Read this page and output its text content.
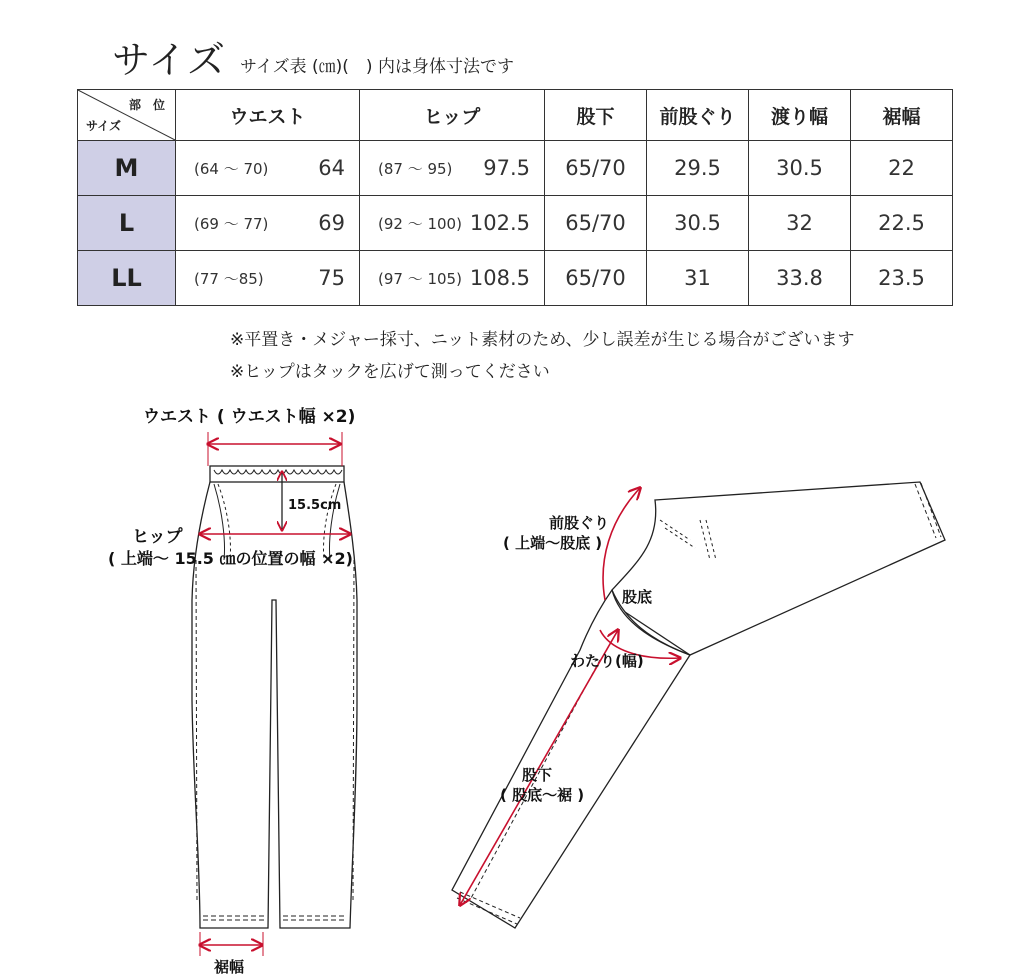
サイズ サイズ表 (㎝)(　) 内は身体寸法です
部　位
サイズ	ウエスト	ヒップ	股下	前股ぐり	渡り幅	裾幅
M	(64 ～ 70) 64	(87 ～ 95) 97.5	65/70	29.5	30.5	22
L	(69 ～ 77) 69	(92 ～ 100) 102.5	65/70	30.5	32	22.5
LL	(77 ～85) 75	(97 ～ 105) 108.5	65/70	31	33.8	23.5
※平置き・メジャー採寸、ニット素材のため、少し誤差が生じる場合がございます
※ヒップはタックを広げて測ってください
ウエスト ( ウエスト幅 ×2)
ヒップ
( 上端～ 15.5 ㎝の位置の幅 ×2)
15.5cm
裾幅
前股ぐり
( 上端～股底 )
股底
わたり(幅)
股下
( 股底～裾 )
